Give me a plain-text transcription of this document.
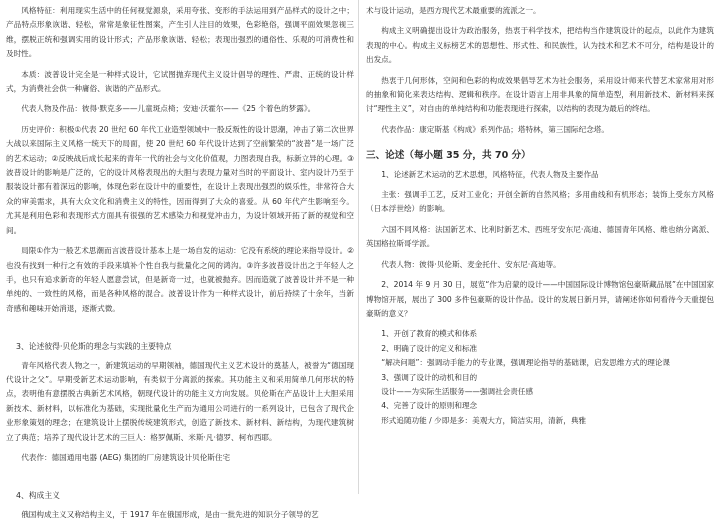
风格特征：利用现实生活中的任何视觉源泉，采用夸张、变形的手法运用到产品样式的设计之中；产品特点形象诙谐、轻松，常常是象征性图案，产生引人注目的效果，色彩艳俗，强调平面效果忽视三维，摆脱正统和强调实用的设计形式；产品形象诙谐、轻松；表现出强烈的通俗性、乐观的可消费性和及时性。

本质：波普设计完全是一种样式设计，它试图抛弃现代主义设计倡导的理性、严肃、正统的设计样式，为消费社会供一种庸俗、诙谐的产品形式。

代表人物及作品：彼得·默克多——儿童斑点椅；安迪·沃霍尔——《25 个着色的梦露》。

历史评价：积极①代表 20 世纪 60 年代工业造型领域中一股反叛性的设计思潮，冲击了第二次世界大战以来国际主义风格一统天下的局面，使 20 世纪 60 年代设计达到了空前繁荣的“波普”是一场广泛的艺术运动；②反映战后成长起来的青年一代的社会与文化价值观，力图表现自我，标新立异的心理。③波普设计的影响是广泛的，它的设计风格表现出的大胆与表现力量对当时的平面设计、室内设计乃至于服装设计都有着深远的影响，体现色彩在设计中的重要性，在设计上表现出强烈的娱乐性，非常符合大众的审美需求，具有大众文化和消费主义的特性，因而得到了大众的喜爱。从 60 年代产生影响至今。尤其是利用色彩和表现形式方面具有很强的艺术感染力和视觉冲击力，为设计领域开拓了新的视觉和空间。

局限①作为一般艺术思潮而言波普设计基本上是一场自发的运动：它没有系统的理论来指导设计。②也没有找到一种行之有效的手段来填补个性自我与批量化之间的鸿沟。③许多波普设计出之于年轻人之手，也只有追求新奇的年轻人愿意尝试，但是新奇一过，也就被抛弃。因而造就了波普设计并不是一种单纯的、一致性的风格，而是各种风格的混合。波普设计作为一种样式设计，前后持续了十余年，当新奇感和趣味开始消退，逐渐式微。

3、论述彼得·贝伦斯的理念与实践的主要特点

青年风格代表人物之一，新建筑运动的早期领袖，德国现代主义艺术设计的奠基人，被誉为“德国现代设计之父”。早期受新艺术运动影响，有类似于分离派的探索。其功能主义和采用简单几何形状的特点，表明他有意摆脱古典新艺术风格，朝现代设计的功能主义方向发展。贝伦斯在产品设计上大胆采用新技术、新材料，以标准化为基础，实现批量化生产而为通用公司进行的一系列设计，已包含了现代企业形象策划的理念；在建筑设计上摆脱传统建筑形式，创造了新技术、新材料、新结构，为现代建筑树立了典范；培养了现代设计艺术的三巨人：格罗佩斯、米斯·凡·德罗、柯布西耶。

代表作：德国通用电器 (AEG) 集团的厂房建筑设计贝伦斯住宅

4、构成主义

俄国构成主义又称结构主义，于 1917 年在俄国形成，是由一批先进的知识分子领导的艺

术与设计运动，是西方现代艺术最重要的流派之一。

构成主义明确提出设计为政治服务，热衷于科学技术，把结构当作建筑设计的起点，以此作为建筑表现的中心。构成主义标榜艺术的思想性、形式性、和民族性，认为技术和艺术不可分，结构是设计的出发点。

热衷于几何形体，空间和色彩的构成效果倡导艺术为社会服务，采用设计师来代替艺术家常用对形的抽象和简化来表达结构、逻辑和秩序。在设计语言上用非具象的简单造型，利用新技术、新材料来探讨“理性主义”，对自由的单纯结构和功能表现进行探索，以结构的表现为最后的终结。

代表作品：康定斯基《构成》系列作品；塔特林，第三国际纪念塔。

三、论述（每小题 35 分，共 70 分）

1、论述新艺术运动的艺术思想，风格特征，代表人物及主要作品

主张：强调手工艺，反对工业化；开创全新的自然风格；多用曲线和有机形态；装饰上受东方风格（日本浮世绘）的影响。

六国不同风格：法国新艺术、比利时新艺术、西班牙安东尼·高迪、德国青年风格、维也纳分离派、英国格拉斯哥学派。

代表人物：彼得·贝伦斯、麦金托什、安东尼·高迪等。

2、2014 年 9 月 30 日，展览“作为启蒙的设计——中国国际设计博物馆包豪斯藏品展”在中国国家博物馆开展，展出了 300 多件包豪斯的设计作品。设计的发展日新月异，请阐述你如何看待今天重提包豪斯的意义？

1、开创了教育的模式和体系

2、明确了设计的定义和标准

“解决问题”：强调动手能力的专业课，强调理论指导的基础课，启发思维方式的理论课

3、强调了设计的动机和目的

设计——为实际生活服务——强调社会责任感

4、完善了设计的原则和理念

形式追随功能 / 少即是多：美观大方，简洁实用，清新，典雅
